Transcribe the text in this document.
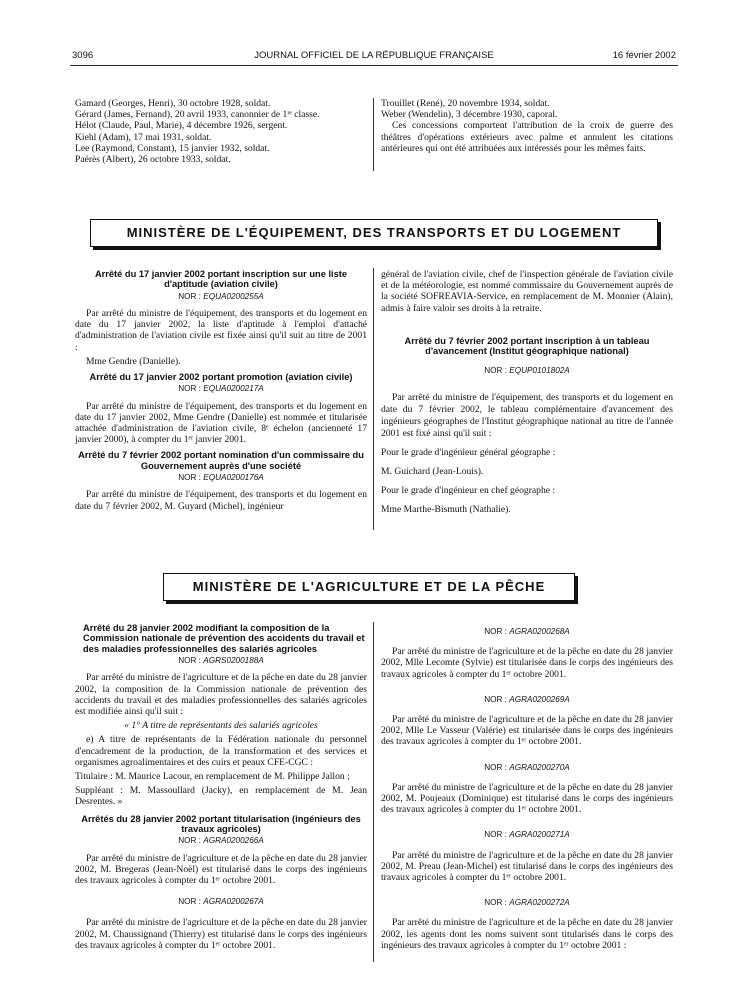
3096	JOURNAL OFFICIEL DE LA RÉPUBLIQUE FRANÇAISE	16 février 2002
Gamard (Georges, Henri), 30 octobre 1928, soldat.
Gérard (James, Fernand), 20 avril 1933, canonnier de 1ʳᵉ classe.
Hélot (Claude, Paul, Marie), 4 décembre 1926, sergent.
Kiehl (Adam), 17 mai 1931, soldat.
Lee (Raymond, Constant), 15 janvier 1932, soldat.
Paérès (Albert), 26 octobre 1933, soldat.
Trouillet (René), 20 novembre 1934, soldat.
Weber (Wendelin), 3 décembre 1930, caporal.

Ces concessions comportent l'attribution de la croix de guerre des théâtres d'opérations extérieurs avec palme et annulent les citations antérieures qui ont été attribuées aux intéressés pour les mêmes faits.

MINISTÈRE DE L'ÉQUIPEMENT, DES TRANSPORTS ET DU LOGEMENT

Arrêté du 17 janvier 2002 portant inscription sur une liste d'aptitude (aviation civile)

NOR : EQUA0200255A

Par arrêté du ministre de l'équipement, des transports et du logement en date du 17 janvier 2002, la liste d'aptitude à l'emploi d'attaché d'administration de l'aviation civile est fixée ainsi qu'il suit au titre de 2001 :

Mme Gendre (Danielle).

Arrêté du 17 janvier 2002 portant promotion (aviation civile)

NOR : EQUA0200217A

Par arrêté du ministre de l'équipement, des transports et du logement en date du 17 janvier 2002, Mme Gendre (Danielle) est nommée et titularisée attachée d'administration de l'aviation civile, 8ᵉ échelon (ancienneté 17 janvier 2000), à compter du 1ᵉʳ janvier 2001.

Arrêté du 7 février 2002 portant nomination d'un commissaire du Gouvernement auprès d'une société

NOR : EQUA0200176A

Par arrêté du ministre de l'équipement, des transports et du logement en date du 7 février 2002, M. Guyard (Michel), ingénieur

général de l'aviation civile, chef de l'inspection générale de l'aviation civile et de la météorologie, est nommé commissaire du Gouvernement auprès de la société SOFREAVIA-Service, en remplacement de M. Monnier (Alain), admis à faire valoir ses droits à la retraite.

Arrêté du 7 février 2002 portant inscription à un tableau d'avancement (Institut géographique national)

NOR : EQUP0101802A

Par arrêté du ministre de l'équipement, des transports et du logement en date du 7 février 2002, le tableau complémentaire d'avancement des ingénieurs géographes de l'Institut géographique national au titre de l'année 2001 est fixé ainsi qu'il suit :

Pour le grade d'ingénieur général géographe :

M. Guichard (Jean-Louis).

Pour le grade d'ingénieur en chef géographe :

Mme Marthe-Bismuth (Nathalie).

MINISTÈRE DE L'AGRICULTURE ET DE LA PÊCHE

Arrêté du 28 janvier 2002 modifiant la composition de la Commission nationale de prévention des accidents du travail et des maladies professionnelles des salariés agricoles

NOR : AGRS0200188A

Par arrêté du ministre de l'agriculture et de la pêche en date du 28 janvier 2002, la composition de la Commission nationale de prévention des accidents du travail et des maladies professionnelles des salariés agricoles est modifiée ainsi qu'il suit :

« 1° A titre de représentants des salariés agricoles

e) A titre de représentants de la Fédération nationale du personnel d'encadrement de la production, de la transformation et des services et organismes agroalimentaires et des cuirs et peaux CFE-CGC :

Titulaire : M. Maurice Lacour, en remplacement de M. Philippe Jallon ;

Suppléant : M. Massoullard (Jacky), en remplacement de M. Jean Desrentes. »

Arrêtés du 28 janvier 2002 portant titularisation (ingénieurs des travaux agricoles)

NOR : AGRA0200266A

Par arrêté du ministre de l'agriculture et de la pêche en date du 28 janvier 2002, M. Bregeras (Jean-Noël) est titularisé dans le corps des ingénieurs des travaux agricoles à compter du 1ᵉʳ octobre 2001.

NOR : AGRA0200267A

Par arrêté du ministre de l'agriculture et de la pêche en date du 28 janvier 2002, M. Chaussignand (Thierry) est titularisé dans le corps des ingénieurs des travaux agricoles à compter du 1ᵉʳ octobre 2001.

NOR : AGRA0200268A

Par arrêté du ministre de l'agriculture et de la pêche en date du 28 janvier 2002, Mlle Lecomte (Sylvie) est titularisée dans le corps des ingénieurs des travaux agricoles à compter du 1ᵉʳ octobre 2001.

NOR : AGRA0200269A

Par arrêté du ministre de l'agriculture et de la pêche en date du 28 janvier 2002, Mlle Le Vasseur (Valérie) est titularisée dans le corps des ingénieurs des travaux agricoles à compter du 1ᵉʳ octobre 2001.

NOR : AGRA0200270A

Par arrêté du ministre de l'agriculture et de la pêche en date du 28 janvier 2002, M. Poujeaux (Dominique) est titularisé dans le corps des ingénieurs des travaux agricoles à compter du 1ᵉʳ octobre 2001.

NOR : AGRA0200271A

Par arrêté du ministre de l'agriculture et de la pêche en date du 28 janvier 2002, M. Preau (Jean-Michel) est titularisé dans le corps des ingénieurs des travaux agricoles à compter du 1ᵉʳ octobre 2001.

NOR : AGRA0200272A

Par arrêté du ministre de l'agriculture et de la pêche en date du 28 janvier 2002, les agents dont les noms suivent sont titularisés dans le corps des ingénieurs des travaux agricoles à compter du 1ᵉʳ octobre 2001 :
